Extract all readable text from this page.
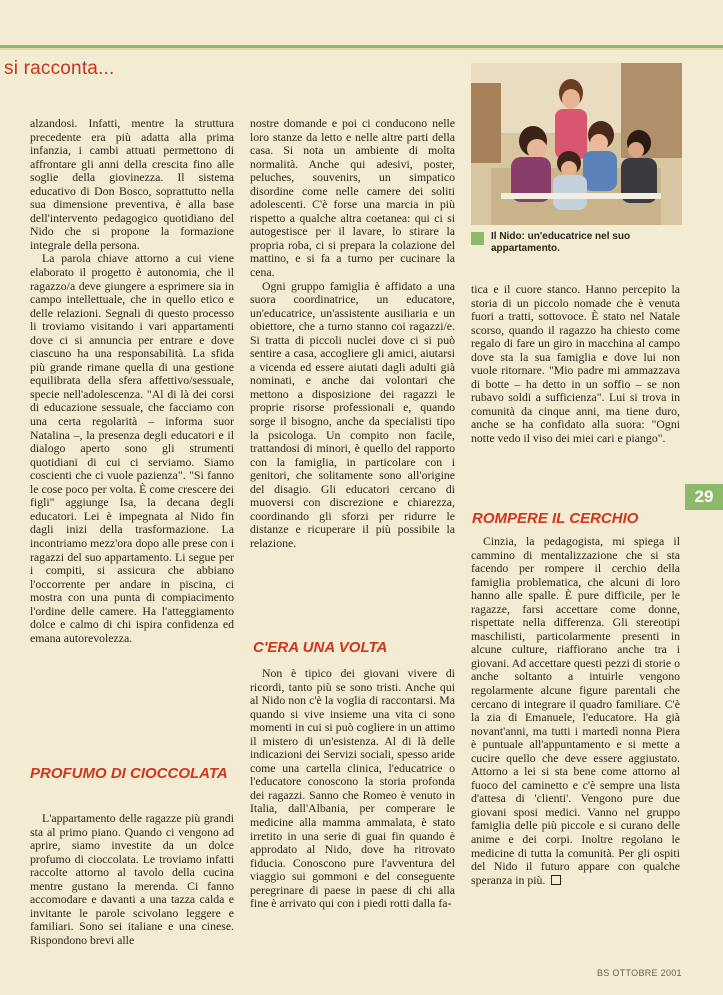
si racconta...
Il Nido: un'educatrice nel suo appartamento.

alzandosi. Infatti, mentre la struttura precedente era più adatta alla prima infanzia, i cambi attuati permettono di affrontare gli anni della crescita fino alle soglie della giovinezza. Il sistema educativo di Don Bosco, soprattutto nella sua dimensione preventiva, è alla base dell'intervento pedagogico quotidiano del Nido che si propone la formazione integrale della persona.

La parola chiave attorno a cui viene elaborato il progetto è autonomia, che il ragazzo/a deve giungere a esprimere sia in campo intellettuale, che in quello etico e delle relazioni. Segnali di questo processo li troviamo visitando i vari appartamenti dove ci si annuncia per entrare e dove ciascuno ha una responsabilità. La sfida più grande rimane quella di una gestione equilibrata della sfera affettivo/sessuale, specie nell'adolescenza. "Al di là dei corsi di educazione sessuale, che facciamo con una certa regolarità – informa suor Natalina –, la presenza degli educatori e il dialogo aperto sono gli strumenti quotidiani di cui ci serviamo. Siamo coscienti che ci vuole pazienza". "Si fanno le cose poco per volta. È come crescere dei figli" aggiunge Isa, la decana degli educatori. Lei è impegnata al Nido fin dagli inizi della trasformazione. La incontriamo mezz'ora dopo alle prese con i ragazzi del suo appartamento. Li segue per i compiti, si assicura che abbiano l'occorrente per andare in piscina, ci mostra con una punta di compiacimento l'ordine delle camere. Ha l'atteggiamento dolce e calmo di chi ispira confidenza ed emana autorevolezza.

PROFUMO DI CIOCCOLATA

L'appartamento delle ragazze più grandi sta al primo piano. Quando ci vengono ad aprire, siamo investite da un dolce profumo di cioccolata. Le troviamo infatti raccolte attorno al tavolo della cucina mentre gustano la merenda. Ci fanno accomodare e davanti a una tazza calda e invitante le parole scivolano leggere e familiari. Sono sei italiane e una cinese. Rispondono brevi alle

nostre domande e poi ci conducono nelle loro stanze da letto e nelle altre parti della casa. Si nota un ambiente di molta normalità. Anche qui adesivi, poster, peluches, souvenirs, un simpatico disordine come nelle camere dei soliti adolescenti. C'è forse una marcia in più rispetto a qualche altra coetanea: qui ci si autogestisce per il lavare, lo stirare la propria roba, ci si prepara la colazione del mattino, e si fa a turno per cucinare la cena.

Ogni gruppo famiglia è affidato a una suora coordinatrice, un educatore, un'educatrice, un'assistente ausiliaria e un obiettore, che a turno stanno coi ragazzi/e. Si tratta di piccoli nuclei dove ci si può sentire a casa, accogliere gli amici, aiutarsi a vicenda ed essere aiutati dagli adulti già nominati, e anche dai volontari che mettono a disposizione dei ragazzi le proprie risorse professionali e, quando sorge il bisogno, anche da specialisti tipo la psicologa. Un compito non facile, trattandosi di minori, è quello del rapporto con la famiglia, in particolare con i genitori, che solitamente sono all'origine del disagio. Gli educatori cercano di muoversi con discrezione e chiarezza, coordinando gli sforzi per ridurre le distanze e ricuperare il più possibile la relazione.

C'ERA UNA VOLTA

Non è tipico dei giovani vivere di ricordi, tanto più se sono tristi. Anche qui al Nido non c'è la voglia di raccontarsi. Ma quando si vive insieme una vita ci sono momenti in cui si può cogliere in un attimo il mistero di un'esistenza. Al di là delle indicazioni dei Servizi sociali, spesso aride come una cartella clinica, l'educatrice o l'educatore conoscono la storia profonda dei ragazzi. Sanno che Romeo è venuto in Italia, dall'Albania, per comperare le medicine alla mamma ammalata, è stato irretito in una serie di guai fin quando è approdato al Nido, dove ha ritrovato fiducia. Conoscono pure l'avventura del viaggio sui gommoni e del conseguente peregrinare di paese in paese di chi alla fine è arrivato qui con i piedi rotti dalla fa-

tica e il cuore stanco. Hanno percepito la storia di un piccolo nomade che è venuta fuori a tratti, sottovoce. È stato nel Natale scorso, quando il ragazzo ha chiesto come regalo di fare un giro in macchina al campo dove sta la sua famiglia e dove lui non vuole ritornare. "Mio padre mi ammazzava di botte – ha detto in un soffio – se non rubavo soldi a sufficienza". Lui si trova in comunità da cinque anni, ma tiene duro, anche se ha confidato alla suora: "Ogni notte vedo il viso dei miei cari e piango".

ROMPERE IL CERCHIO

Cinzia, la pedagogista, mi spiega il cammino di mentalizzazione che si sta facendo per rompere il cerchio della famiglia problematica, che alcuni di loro hanno alle spalle. È pure difficile, per le ragazze, farsi accettare come donne, rispettate nella differenza. Gli stereotipi maschilisti, particolarmente presenti in alcune culture, riaffiorano anche tra i giovani. Ad accettare questi pezzi di storie o anche soltanto a intuirle vengono regolarmente alcune figure parentali che cercano di integrare il quadro familiare. C'è la zia di Emanuele, l'educatore. Ha già novant'anni, ma tutti i martedì nonna Piera è puntuale all'appuntamento e si mette a cucire quello che deve essere aggiustato. Attorno a lei si sta bene come attorno al fuoco del caminetto e c'è sempre una lista d'attesa di 'clienti'. Vengono pure due giovani sposi medici. Vanno nel gruppo famiglia delle più piccole e si curano delle anime e dei corpi. Inoltre regolano le medicine di tutta la comunità. Per gli ospiti del Nido il futuro appare con qualche speranza in più.

29
BS OTTOBRE 2001
